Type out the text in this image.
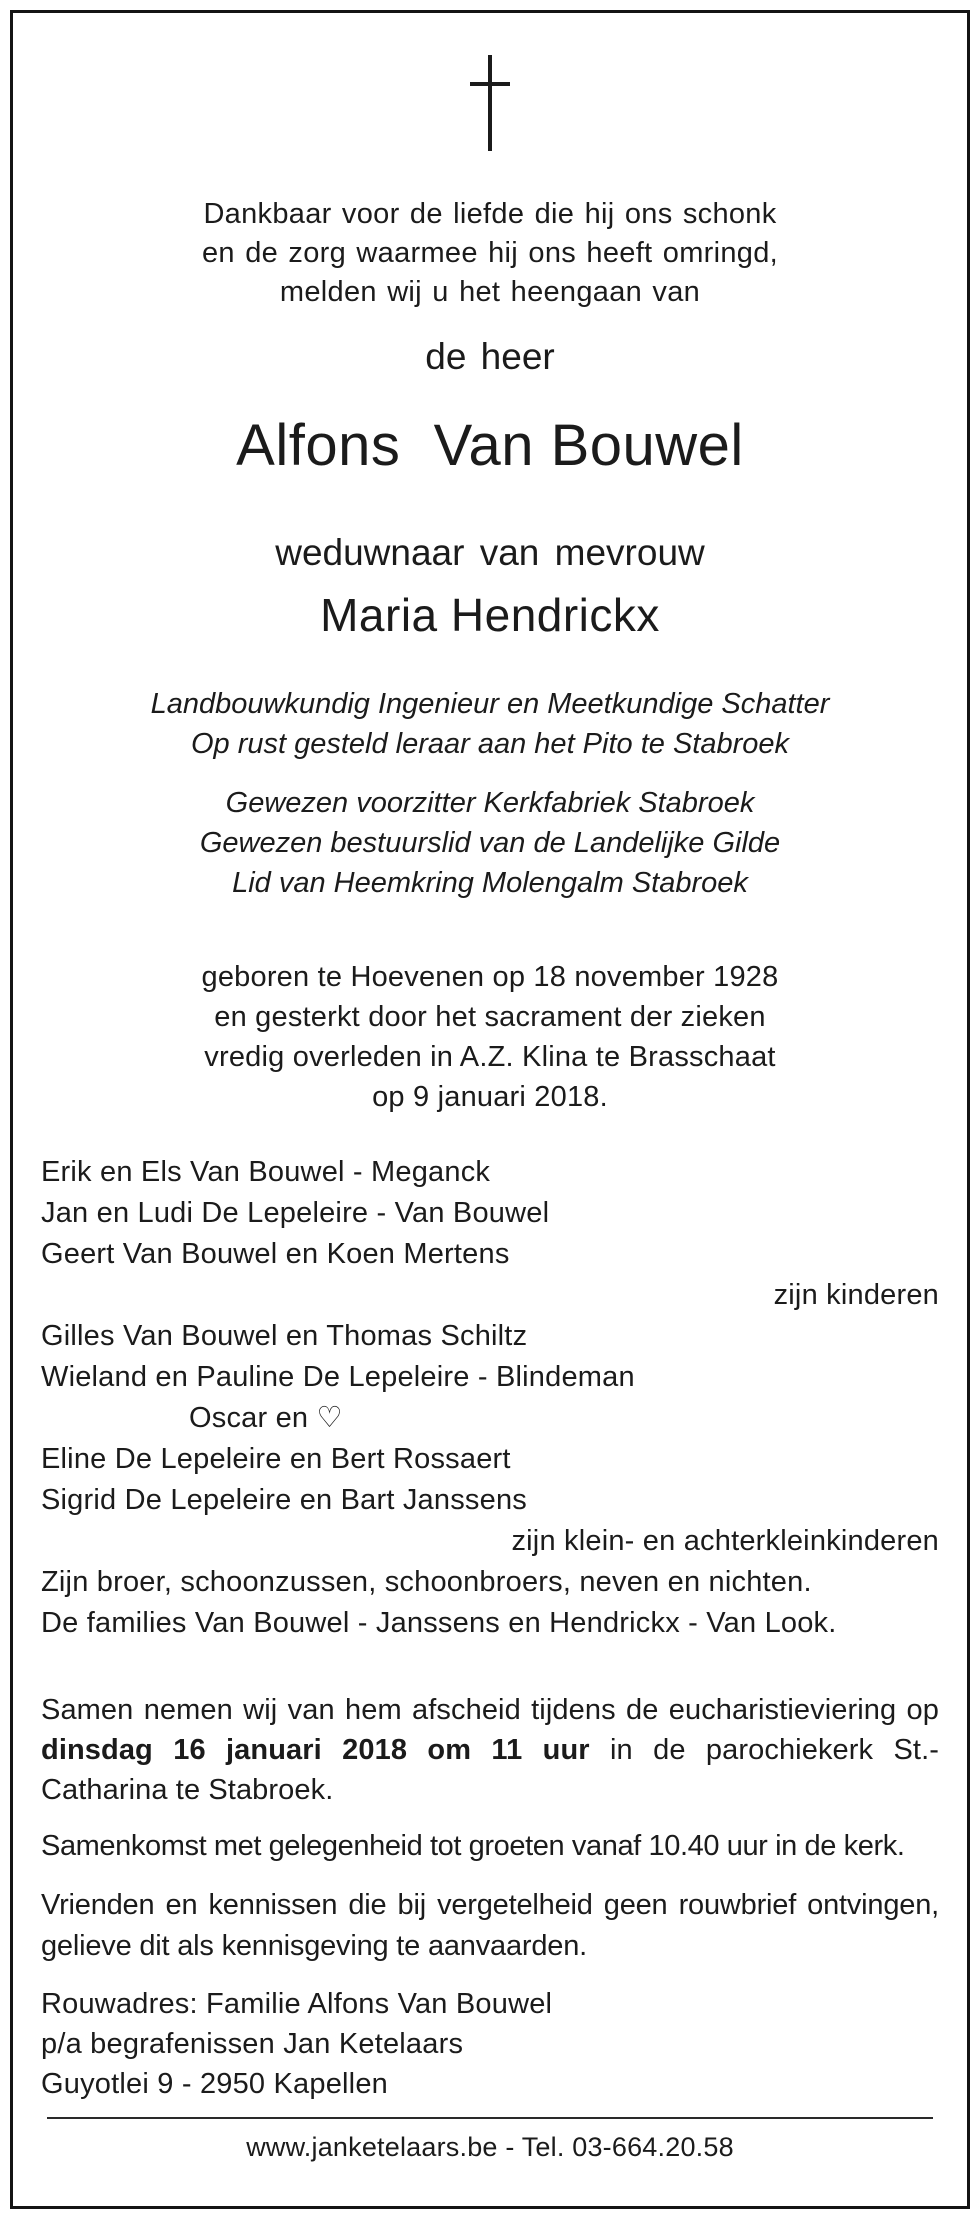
Dankbaar voor de liefde die hij ons schonk
en de zorg waarmee hij ons heeft omringd,
melden wij u het heengaan van
de heer
Alfons  Van Bouwel
weduwnaar van mevrouw
Maria Hendrickx
Landbouwkundig Ingenieur en Meetkundige Schatter
Op rust gesteld leraar aan het Pito te Stabroek
Gewezen voorzitter Kerkfabriek Stabroek
Gewezen bestuurslid van de Landelijke Gilde
Lid van Heemkring Molengalm Stabroek
geboren te Hoevenen op 18 november 1928
en gesterkt door het sacrament der zieken
vredig overleden in A.Z. Klina te Brasschaat
op 9 januari 2018.
Erik en Els Van Bouwel - Meganck
Jan en Ludi De Lepeleire - Van Bouwel
Geert Van Bouwel en Koen Mertens
zijn kinderen
Gilles Van Bouwel en Thomas Schiltz
Wieland en Pauline De Lepeleire - Blindeman
Oscar en ♡
Eline De Lepeleire en Bert Rossaert
Sigrid De Lepeleire en Bart Janssens
zijn klein- en achterkleinkinderen
Zijn broer, schoonzussen, schoonbroers, neven en nichten.
De families Van Bouwel - Janssens en Hendrickx - Van Look.
Samen nemen wij van hem afscheid tijdens de eucharistieviering op dinsdag 16 januari 2018 om 11 uur in de parochiekerk St.-Catharina te Stabroek.
Samenkomst met gelegenheid tot groeten vanaf 10.40 uur in de kerk.
Vrienden en kennissen die bij vergetelheid geen rouwbrief ontvingen, gelieve dit als kennisgeving te aanvaarden.
Rouwadres: Familie Alfons Van Bouwel
p/a begrafenissen Jan Ketelaars
Guyotlei 9 - 2950 Kapellen
www.janketelaars.be - Tel. 03-664.20.58
